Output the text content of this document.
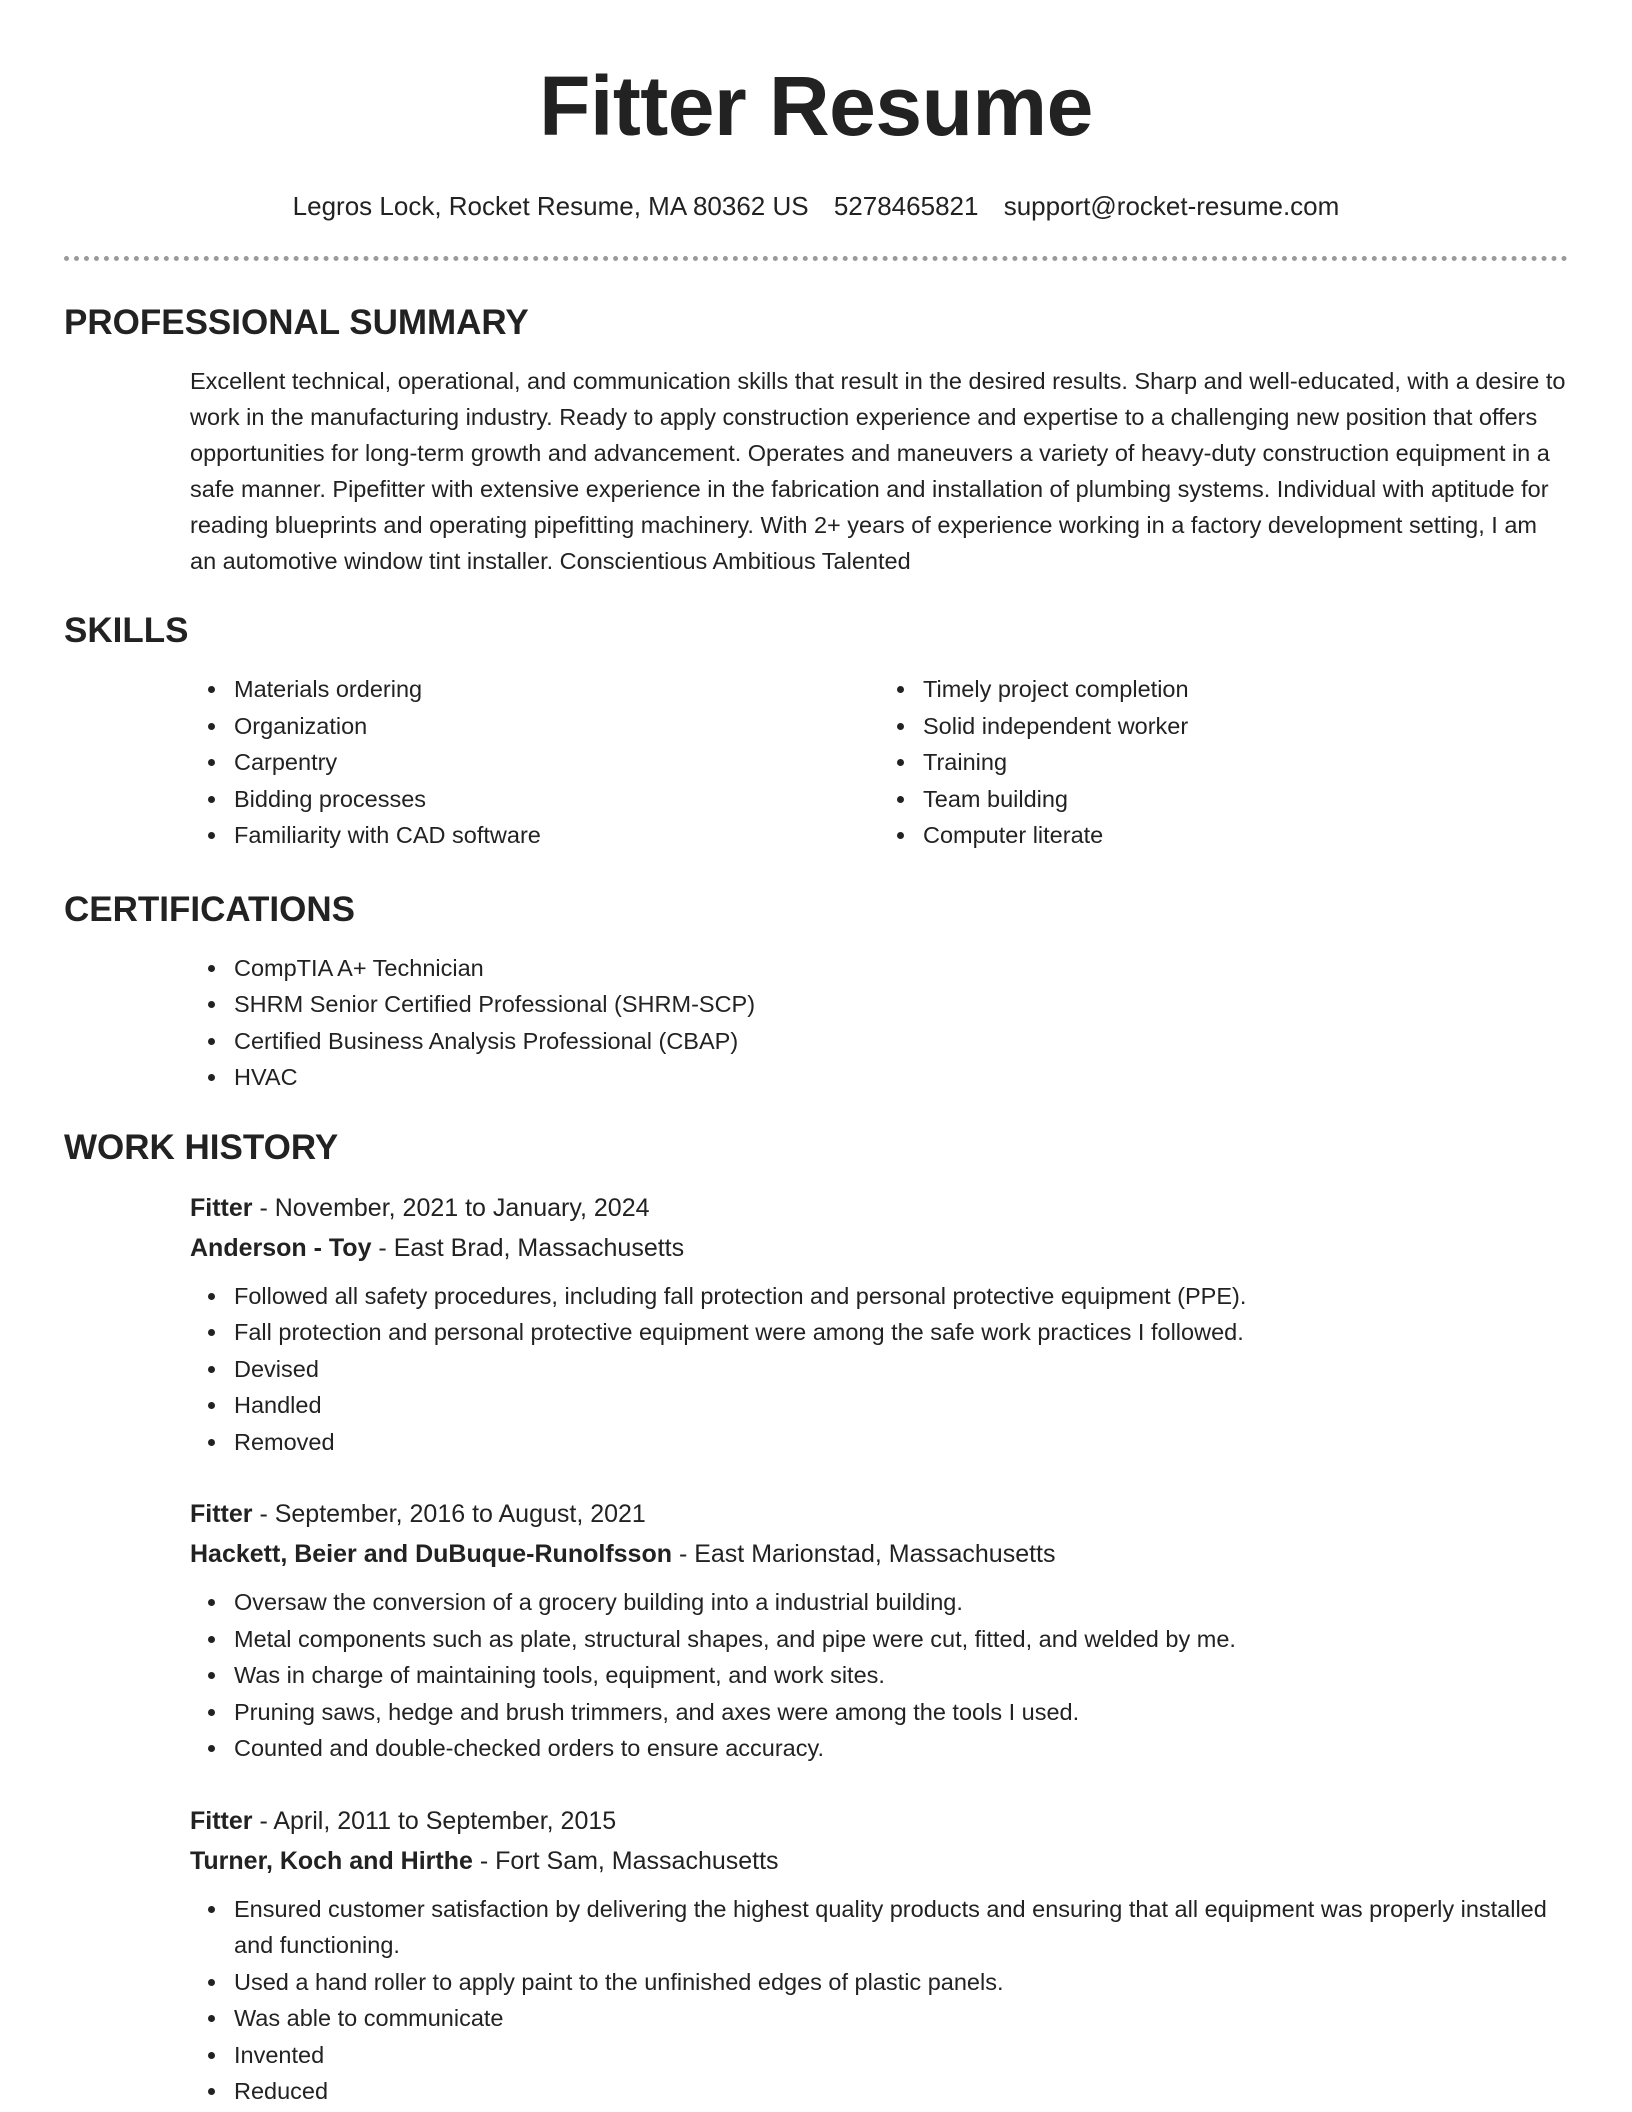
Fitter Resume
Legros Lock, Rocket Resume, MA 80362 US 5278465821 support@rocket-resume.com
PROFESSIONAL SUMMARY

Excellent technical, operational, and communication skills that result in the desired results. Sharp and well-educated, with a desire to work in the manufacturing industry. Ready to apply construction experience and expertise to a challenging new position that offers opportunities for long-term growth and advancement. Operates and maneuvers a variety of heavy-duty construction equipment in a safe manner. Pipefitter with extensive experience in the fabrication and installation of plumbing systems. Individual with aptitude for reading blueprints and operating pipefitting machinery. With 2+ years of experience working in a factory development setting, I am an automotive window tint installer. Conscientious Ambitious Talented

SKILLS
Materials ordering
Organization
Carpentry
Bidding processes
Familiarity with CAD software
Timely project completion
Solid independent worker
Training
Team building
Computer literate
CERTIFICATIONS
CompTIA A+ Technician
SHRM Senior Certified Professional (SHRM-SCP)
Certified Business Analysis Professional (CBAP)
HVAC
WORK HISTORY
Fitter - November, 2021 to January, 2024
Anderson - Toy - East Brad, Massachusetts
Followed all safety procedures, including fall protection and personal protective equipment (PPE).
Fall protection and personal protective equipment were among the safe work practices I followed.
Devised
Handled
Removed
Fitter - September, 2016 to August, 2021
Hackett, Beier and DuBuque-Runolfsson - East Marionstad, Massachusetts
Oversaw the conversion of a grocery building into a industrial building.
Metal components such as plate, structural shapes, and pipe were cut, fitted, and welded by me.
Was in charge of maintaining tools, equipment, and work sites.
Pruning saws, hedge and brush trimmers, and axes were among the tools I used.
Counted and double-checked orders to ensure accuracy.
Fitter - April, 2011 to September, 2015
Turner, Koch and Hirthe - Fort Sam, Massachusetts
Ensured customer satisfaction by delivering the highest quality products and ensuring that all equipment was properly installed and functioning.
Used a hand roller to apply paint to the unfinished edges of plastic panels.
Was able to communicate
Invented
Reduced
